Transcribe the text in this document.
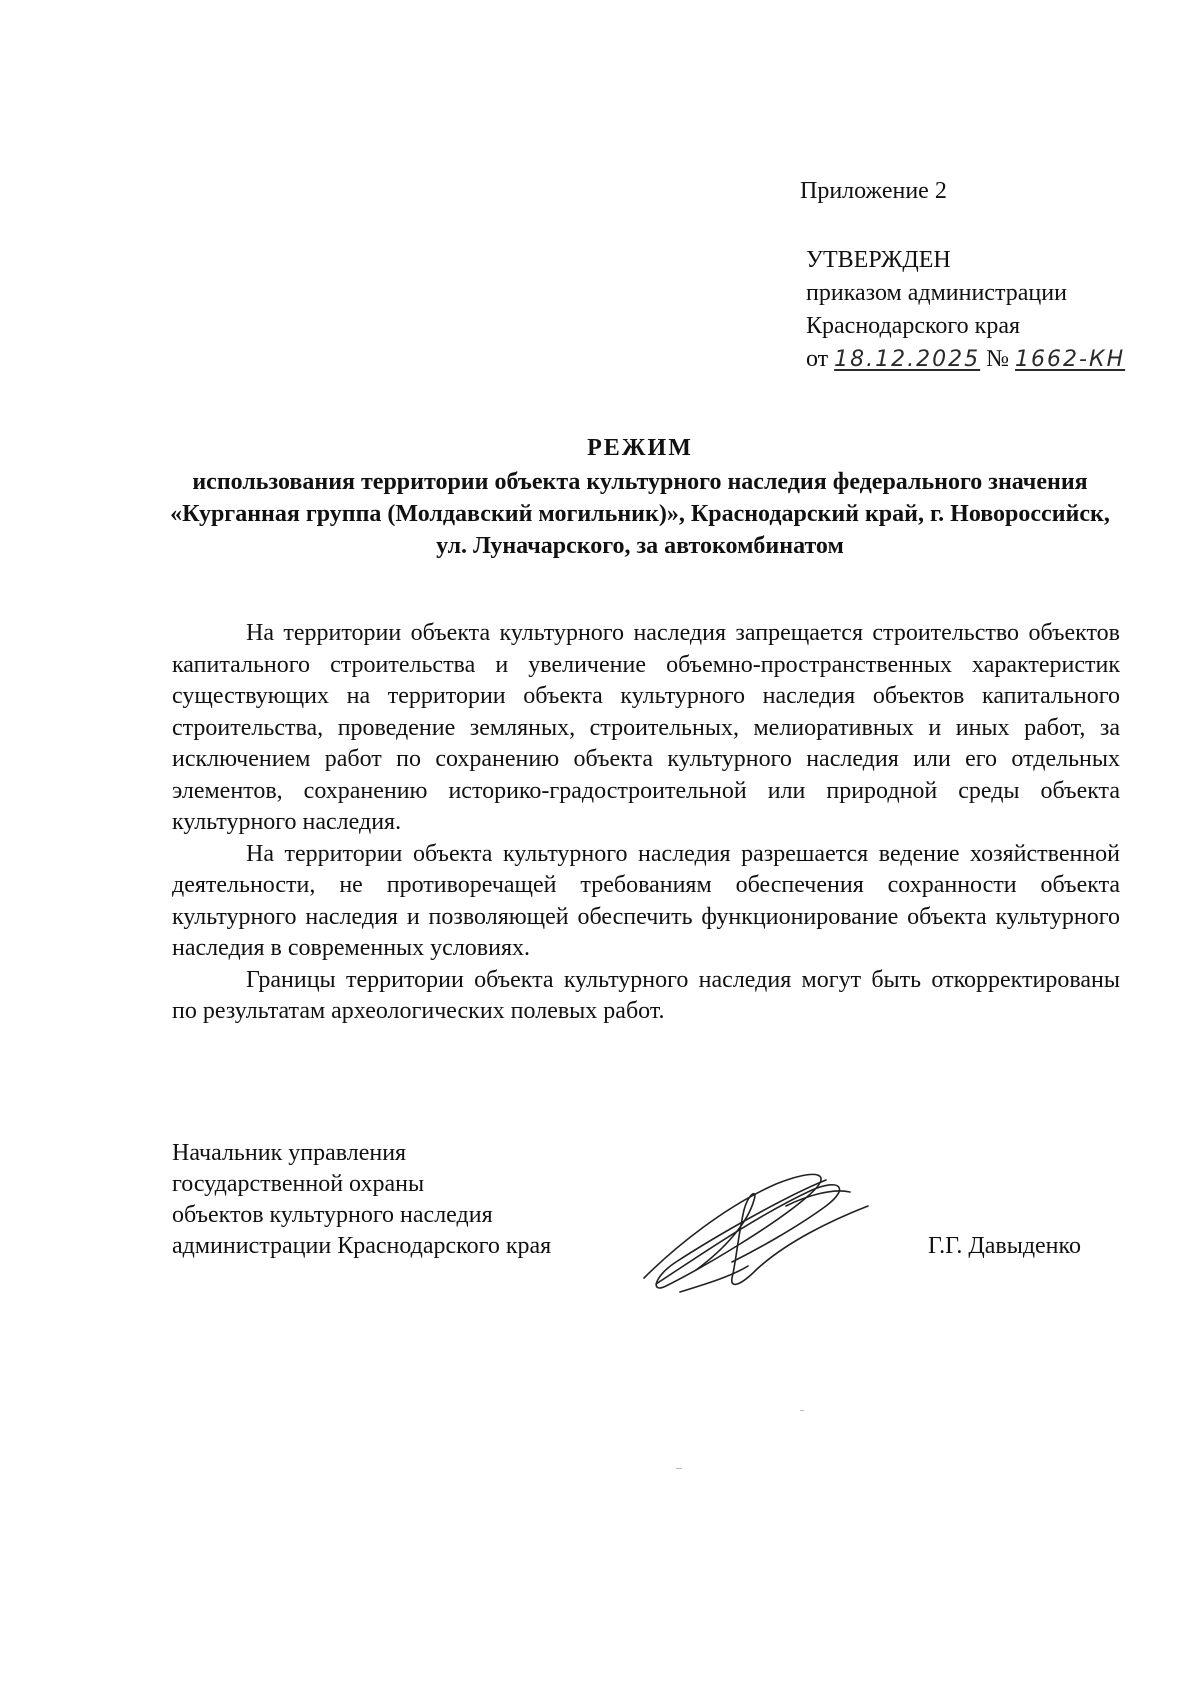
Приложение 2
УТВЕРЖДЕН
приказом администрации
Краснодарского края
от 18.12.2025 № 1662-КН
РЕЖИМ
использования территории объекта культурного наследия федерального значения «Курганная группа (Молдавский могильник)», Краснодарский край, г. Новороссийск, ул. Луначарского, за автокомбинатом

На территории объекта культурного наследия запрещается строительство объектов капитального строительства и увеличение объемно-пространственных характеристик существующих на территории объекта культурного наследия объектов капитального строительства, проведение земляных, строительных, мелиоративных и иных работ, за исключением работ по сохранению объекта культурного наследия или его отдельных элементов, сохранению историко-градостроительной или природной среды объекта культурного наследия.

На территории объекта культурного наследия разрешается ведение хозяйственной деятельности, не противоречащей требованиям обеспечения сохранности объекта культурного наследия и позволяющей обеспечить функционирование объекта культурного наследия в современных условиях.

Границы территории объекта культурного наследия могут быть откорректированы по результатам археологических полевых работ.

Начальник управления
государственной охраны
объектов культурного наследия
администрации Краснодарского края	Г.Г. Давыденко
